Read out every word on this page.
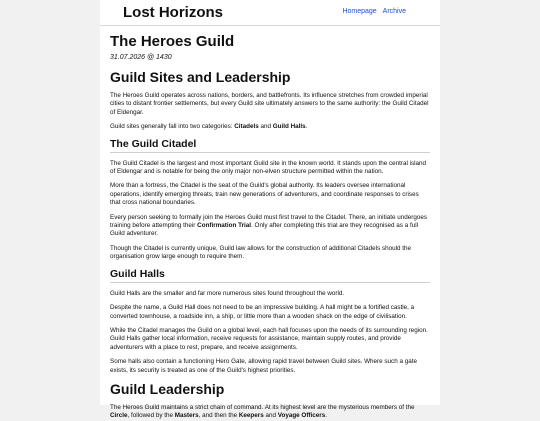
Lost Horizons	Homepage Archive
The Heroes Guild
31.07.2026 @ 1430
Guild Sites and Leadership

The Heroes Guild operates across nations, borders, and battlefronts. Its influence stretches from crowded imperial cities to distant frontier settlements, but every Guild site ultimately answers to the same authority: the Guild Citadel of Eldengar.

Guild sites generally fall into two categories: Citadels and Guild Halls.

The Guild Citadel

The Guild Citadel is the largest and most important Guild site in the known world. It stands upon the central island of Eldengar and is notable for being the only major non-elven structure permitted within the nation.

More than a fortress, the Citadel is the seat of the Guild's global authority. Its leaders oversee international operations, identify emerging threats, train new generations of adventurers, and coordinate responses to crises that cross national boundaries.

Every person seeking to formally join the Heroes Guild must first travel to the Citadel. There, an initiate undergoes training before attempting their Confirmation Trial. Only after completing this trial are they recognised as a full Guild adventurer.

Though the Citadel is currently unique, Guild law allows for the construction of additional Citadels should the organisation grow large enough to require them.

Guild Halls

Guild Halls are the smaller and far more numerous sites found throughout the world.

Despite the name, a Guild Hall does not need to be an impressive building. A hall might be a fortified castle, a converted townhouse, a roadside inn, a ship, or little more than a wooden shack on the edge of civilisation.

While the Citadel manages the Guild on a global level, each hall focuses upon the needs of its surrounding region. Guild Halls gather local information, receive requests for assistance, maintain supply routes, and provide adventurers with a place to rest, prepare, and receive assignments.

Some halls also contain a functioning Hero Gate, allowing rapid travel between Guild sites. Where such a gate exists, its security is treated as one of the Guild's highest priorities.

Guild Leadership

The Heroes Guild maintains a strict chain of command. At its highest level are the mysterious members of the Circle, followed by the Masters, and then the Keepers and Voyage Officers.
